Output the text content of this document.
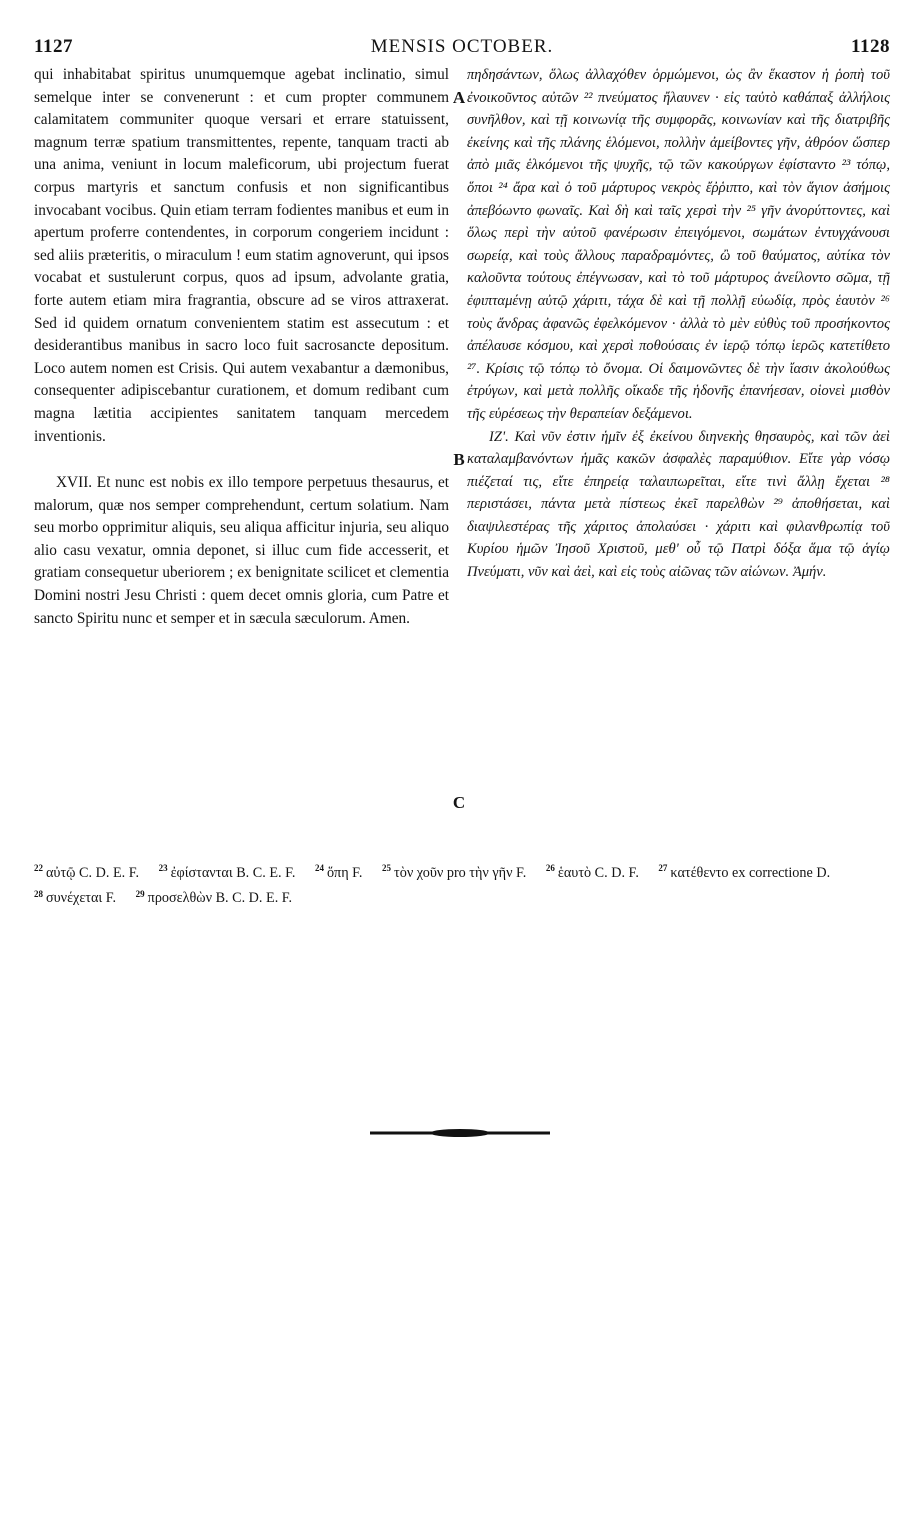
1127	MENSIS OCTOBER.	1128

qui inhabitabat spiritus unumquemque agebat inclinatio, simul semelque inter se convenerunt : et cum propter communem calamitatem communiter quoque versari et errare statuissent, magnum terræ spatium transmittentes, repente, tanquam tracti ab una anima, veniunt in locum maleficorum, ubi projectum fuerat corpus martyris et sanctum confusis et non significantibus invocabant vocibus. Quin etiam terram fodientes manibus et eum in apertum proferre contendentes, in corporum congeriem incidunt : sed aliis præteritis, o miraculum ! eum statim agnoverunt, qui ipsos vocabat et sustulerunt corpus, quos ad ipsum, advolante gratia, forte autem etiam mira fragrantia, obscure ad se viros attraxerat. Sed id quidem ornatum convenientem statim est assecutum : et desiderantibus manibus in sacro loco fuit sacrosancte depositum. Loco autem nomen est Crisis. Qui autem vexabantur a dæmonibus, consequenter adipiscebantur curationem, et domum redibant cum magna lætitia accipientes sanitatem tanquam mercedem inventionis.

XVII. Et nunc est nobis ex illo tempore perpetuus thesaurus, et malorum, quæ nos semper comprehendunt, certum solatium. Nam seu morbo opprimitur aliquis, seu aliqua afficitur injuria, seu aliquo alio casu vexatur, omnia deponet, si illuc cum fide accesserit, et gratiam consequetur uberiorem ; ex benignitate scilicet et clementia Domini nostri Jesu Christi : quem decet omnis gloria, cum Patre et sancto Spiritu nunc et semper et in sæcula sæculorum. Amen.

A
B
C

πηδησάντων, ὅλως ἀλλαχόθεν ὁρμώμενοι, ὡς ἂν ἕκαστον ἡ ῥοπὴ τοῦ ἐνοικοῦντος αὐτῶν ²² πνεύματος ἤλαυνεν · εἰς ταὐτὸ καθάπαξ ἀλλήλοις συνῆλθον, καὶ τῇ κοινωνίᾳ τῆς συμφορᾶς, κοινωνίαν καὶ τῆς διατριβῆς ἐκείνης καὶ τῆς πλάνης ἑλόμενοι, πολλὴν ἀμείβοντες γῆν, ἀθρόον ὥσπερ ἀπὸ μιᾶς ἑλκόμενοι τῆς ψυχῆς, τῷ τῶν κακούργων ἐφίσταντο ²³ τόπῳ, ὅποι ²⁴ ἄρα καὶ ὁ τοῦ μάρτυρος νεκρὸς ἔῤῥιπτο, καὶ τὸν ἅγιον ἀσήμοις ἀπεβόωντο φωναῖς. Καὶ δὴ καὶ ταῖς χερσὶ τὴν ²⁵ γῆν ἀνορύττοντες, καὶ ὅλως περὶ τὴν αὐτοῦ φανέρωσιν ἐπειγόμενοι, σωμάτων ἐντυγχάνουσι σωρείᾳ, καὶ τοὺς ἄλλους παραδραμόντες, ὢ τοῦ θαύματος, αὐτίκα τὸν καλοῦντα τούτους ἐπέγνωσαν, καὶ τὸ τοῦ μάρτυρος ἀνείλοντο σῶμα, τῇ ἐφιπταμένῃ αὐτῷ χάριτι, τάχα δὲ καὶ τῇ πολλῇ εὐωδίᾳ, πρὸς ἑαυτὸν ²⁶ τοὺς ἄνδρας ἀφανῶς ἐφελκόμενον · ἀλλὰ τὸ μὲν εὐθὺς τοῦ προσήκοντος ἀπέλαυσε κόσμου, καὶ χερσὶ ποθούσαις ἐν ἱερῷ τόπῳ ἱερῶς κατετίθετο ²⁷. Κρίσις τῷ τόπῳ τὸ ὄνομα. Οἱ δαιμονῶντες δὲ τὴν ἴασιν ἀκολούθως ἐτρύγων, καὶ μετὰ πολλῆς οἴκαδε τῆς ἡδονῆς ἐπανήεσαν, οἱονεὶ μισθὸν τῆς εὑρέσεως τὴν θεραπείαν δεξάμενοι.

ΙΖʹ. Καὶ νῦν ἐστιν ἡμῖν ἐξ ἐκείνου διηνεκὴς θησαυρὸς, καὶ τῶν ἀεὶ καταλαμβανόντων ἡμᾶς κακῶν ἀσφαλὲς παραμύθιον. Εἴτε γὰρ νόσῳ πιέζεταί τις, εἴτε ἐπηρείᾳ ταλαιπωρεῖται, εἴτε τινὶ ἄλλῃ ἔχεται ²⁸ περιστάσει, πάντα μετὰ πίστεως ἐκεῖ παρελθὼν ²⁹ ἀποθήσεται, καὶ διαψιλεστέρας τῆς χάριτος ἀπολαύσει · χάριτι καὶ φιλανθρωπίᾳ τοῦ Κυρίου ἡμῶν Ἰησοῦ Χριστοῦ, μεθ' οὗ τῷ Πατρὶ δόξα ἅμα τῷ ἁγίῳ Πνεύματι, νῦν καὶ ἀεὶ, καὶ εἰς τοὺς αἰῶνας τῶν αἰώνων. Ἀμήν.

$^{22}$ αὐτῷ C. D. E. F. $^{23}$ ἐφίστανται B. C. E. F. $^{24}$ ὅπη F. $^{25}$ τὸν χοῦν pro τὴν γῆν F. $^{26}$ ἑαυτὸ C. D. F. $^{27}$ κατέθεντο ex correctione D. $^{28}$ συνέχεται F. $^{29}$ προσελθὼν B. C. D. E. F.
